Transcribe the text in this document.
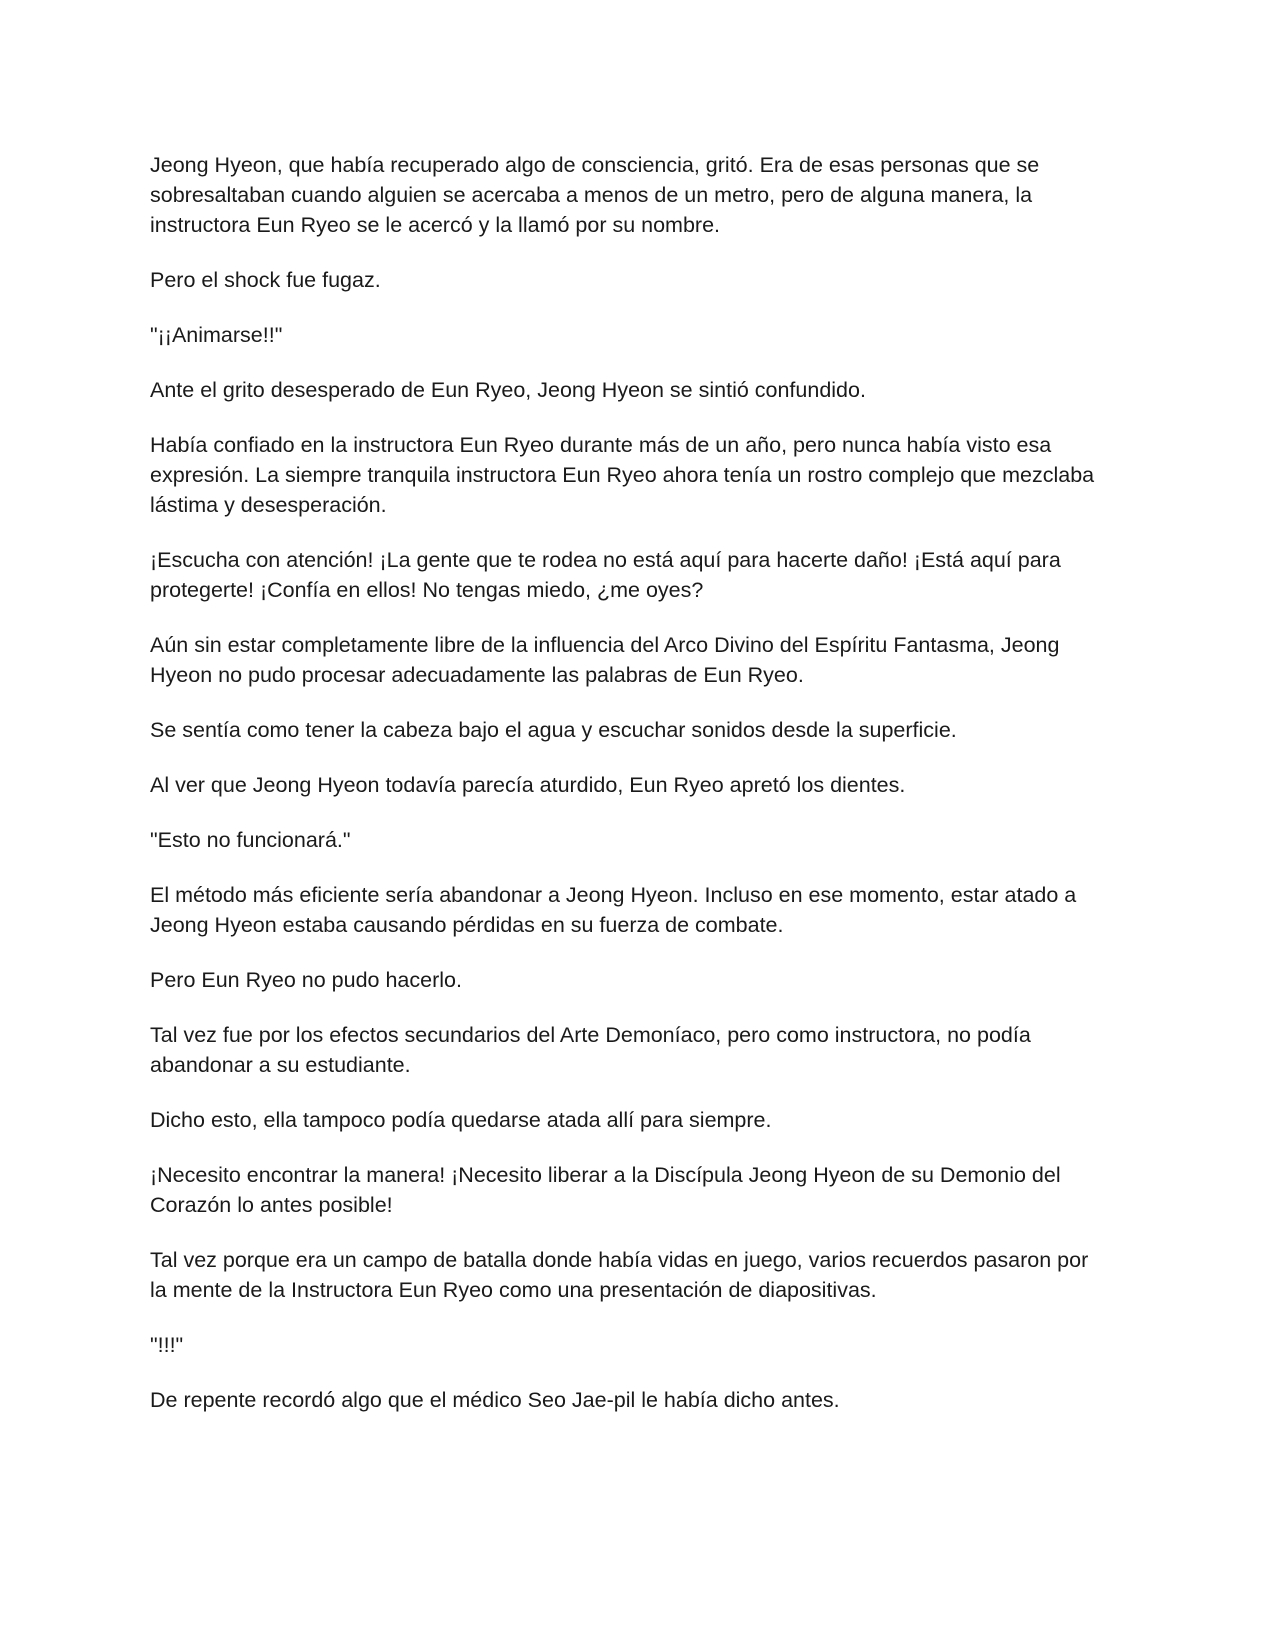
Jeong Hyeon, que había recuperado algo de consciencia, gritó. Era de esas personas que se sobresaltaban cuando alguien se acercaba a menos de un metro, pero de alguna manera, la instructora Eun Ryeo se le acercó y la llamó por su nombre.

Pero el shock fue fugaz.

"¡¡Animarse!!"

Ante el grito desesperado de Eun Ryeo, Jeong Hyeon se sintió confundido.

Había confiado en la instructora Eun Ryeo durante más de un año, pero nunca había visto esa expresión. La siempre tranquila instructora Eun Ryeo ahora tenía un rostro complejo que mezclaba lástima y desesperación.

¡Escucha con atención! ¡La gente que te rodea no está aquí para hacerte daño! ¡Está aquí para protegerte! ¡Confía en ellos! No tengas miedo, ¿me oyes?

Aún sin estar completamente libre de la influencia del Arco Divino del Espíritu Fantasma, Jeong Hyeon no pudo procesar adecuadamente las palabras de Eun Ryeo.

Se sentía como tener la cabeza bajo el agua y escuchar sonidos desde la superficie.

Al ver que Jeong Hyeon todavía parecía aturdido, Eun Ryeo apretó los dientes.

"Esto no funcionará."

El método más eficiente sería abandonar a Jeong Hyeon. Incluso en ese momento, estar atado a Jeong Hyeon estaba causando pérdidas en su fuerza de combate.

Pero Eun Ryeo no pudo hacerlo.

Tal vez fue por los efectos secundarios del Arte Demoníaco, pero como instructora, no podía abandonar a su estudiante.

Dicho esto, ella tampoco podía quedarse atada allí para siempre.

¡Necesito encontrar la manera! ¡Necesito liberar a la Discípula Jeong Hyeon de su Demonio del Corazón lo antes posible!

Tal vez porque era un campo de batalla donde había vidas en juego, varios recuerdos pasaron por la mente de la Instructora Eun Ryeo como una presentación de diapositivas.

"!!!"

De repente recordó algo que el médico Seo Jae-pil le había dicho antes.
